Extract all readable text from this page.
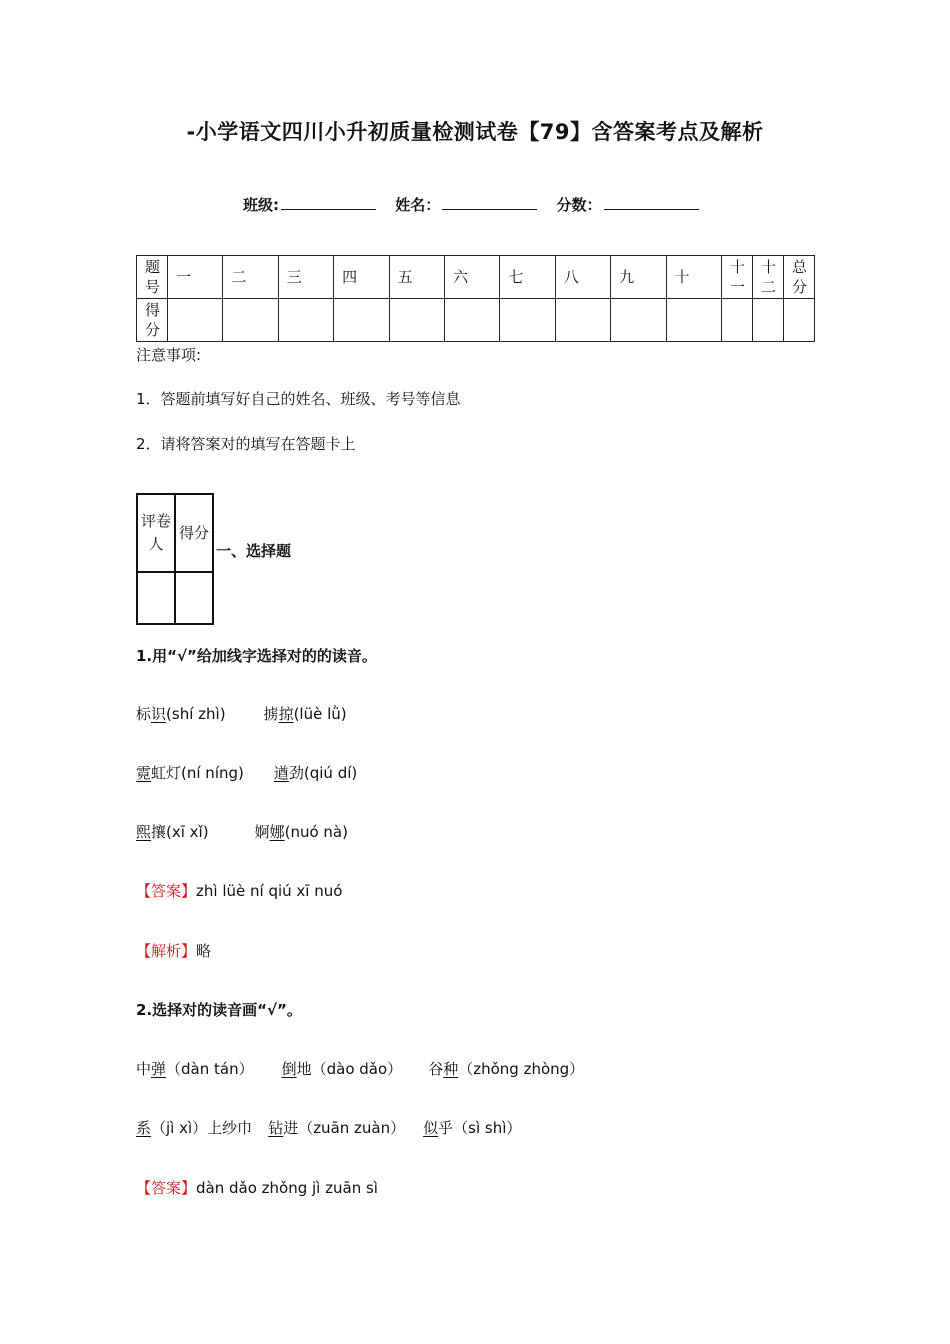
-小学语文四川小升初质量检测试卷【79】含答案考点及解析
班级:	姓名：	分数：
题号	一	二	三	四	五	六	七	八	九	十	十一	十二	总分
得分													
注意事项:
1．答题前填写好自己的姓名、班级、考号等信息
2．请将答案对的填写在答题卡上
评卷人	得分

一、选择题
1.用“√”给加线字选择对的的读音。
标识(shí zhì)	掳掠(lüè lǜ)
霓虹灯(ní níng) 遒劲(qiú dí)
熙攘(xī xǐ)	婀娜(nuó nà)
【答案】zhì lüè ní qiú xī nuó
【解析】略
2.选择对的读音画“√”。
中弹（dàn tán） 倒地（dào dǎo） 谷种（zhǒng zhòng）
系（jì xì）上纱巾 钻进（zuān zuàn） 似乎（sì shì）
【答案】dàn dǎo zhǒng jì zuān sì
